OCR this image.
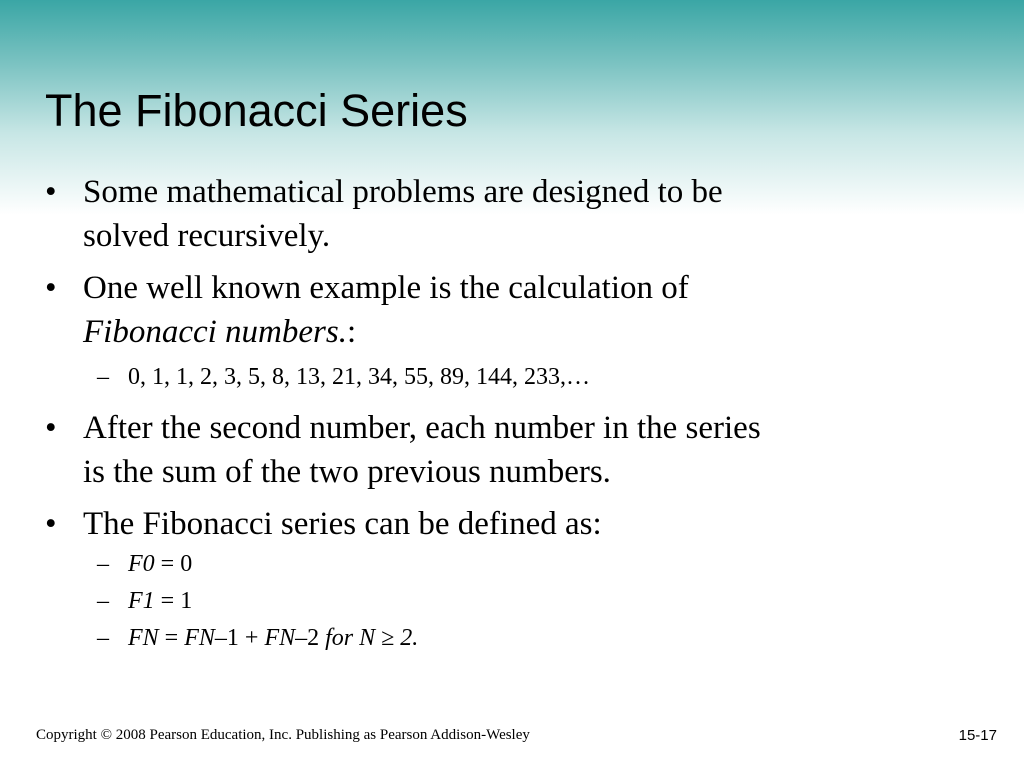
The Fibonacci Series
• Some mathematical problems are designed to be
solved recursively.
• One well known example is the calculation of
Fibonacci numbers.:
– 0, 1, 1, 2, 3, 5, 8, 13, 21, 34, 55, 89, 144, 233,…
• After the second number, each number in the series
is the sum of the two previous numbers.
• The Fibonacci series can be defined as:
– F0 = 0
– F1 = 1
– FN = FN–1 + FN–2 for N ≥ 2.
Copyright © 2008 Pearson Education, Inc. Publishing as Pearson Addison-Wesley	15-17
